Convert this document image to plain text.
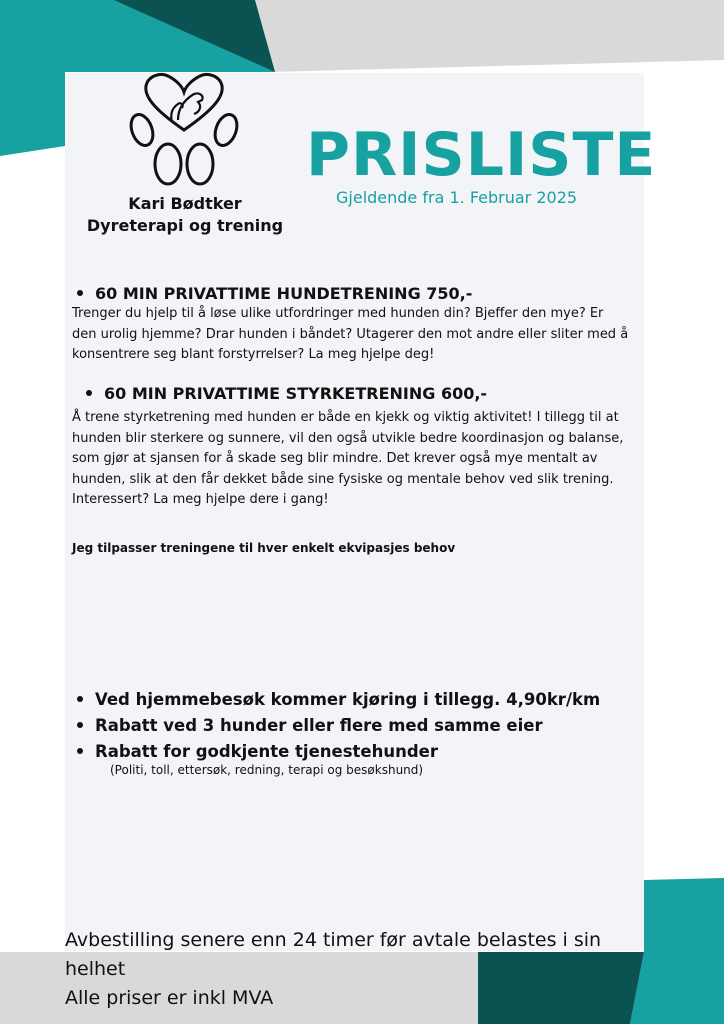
Kari Bødtker
Dyreterapi og trening
PRISLISTE
Gjeldende fra 1. Februar 2025
60 MIN PRIVATTIME HUNDETRENING 750,-
Trenger du hjelp til å løse ulike utfordringer med hunden din? Bjeffer den mye? Er
den urolig hjemme? Drar hunden i båndet? Utagerer den mot andre eller sliter med å
konsentrere seg blant forstyrrelser? La meg hjelpe deg!
60 MIN PRIVATTIME STYRKETRENING 600,-
Å trene styrketrening med hunden er både en kjekk og viktig aktivitet! I tillegg til at
hunden blir sterkere og sunnere, vil den også utvikle bedre koordinasjon og balanse,
som gjør at sjansen for å skade seg blir mindre. Det krever også mye mentalt av
hunden, slik at den får dekket både sine fysiske og mentale behov ved slik trening.
Interessert? La meg hjelpe dere i gang!
Jeg tilpasser treningene til hver enkelt ekvipasjes behov
Ved hjemmebesøk kommer kjøring i tillegg. 4,90kr/km
Rabatt ved 3 hunder eller flere med samme eier
Rabatt for godkjente tjenestehunder
(Politi, toll, ettersøk, redning, terapi og besøkshund)
Avbestilling senere enn 24 timer før avtale belastes i sin
helhet
Alle priser er inkl MVA
